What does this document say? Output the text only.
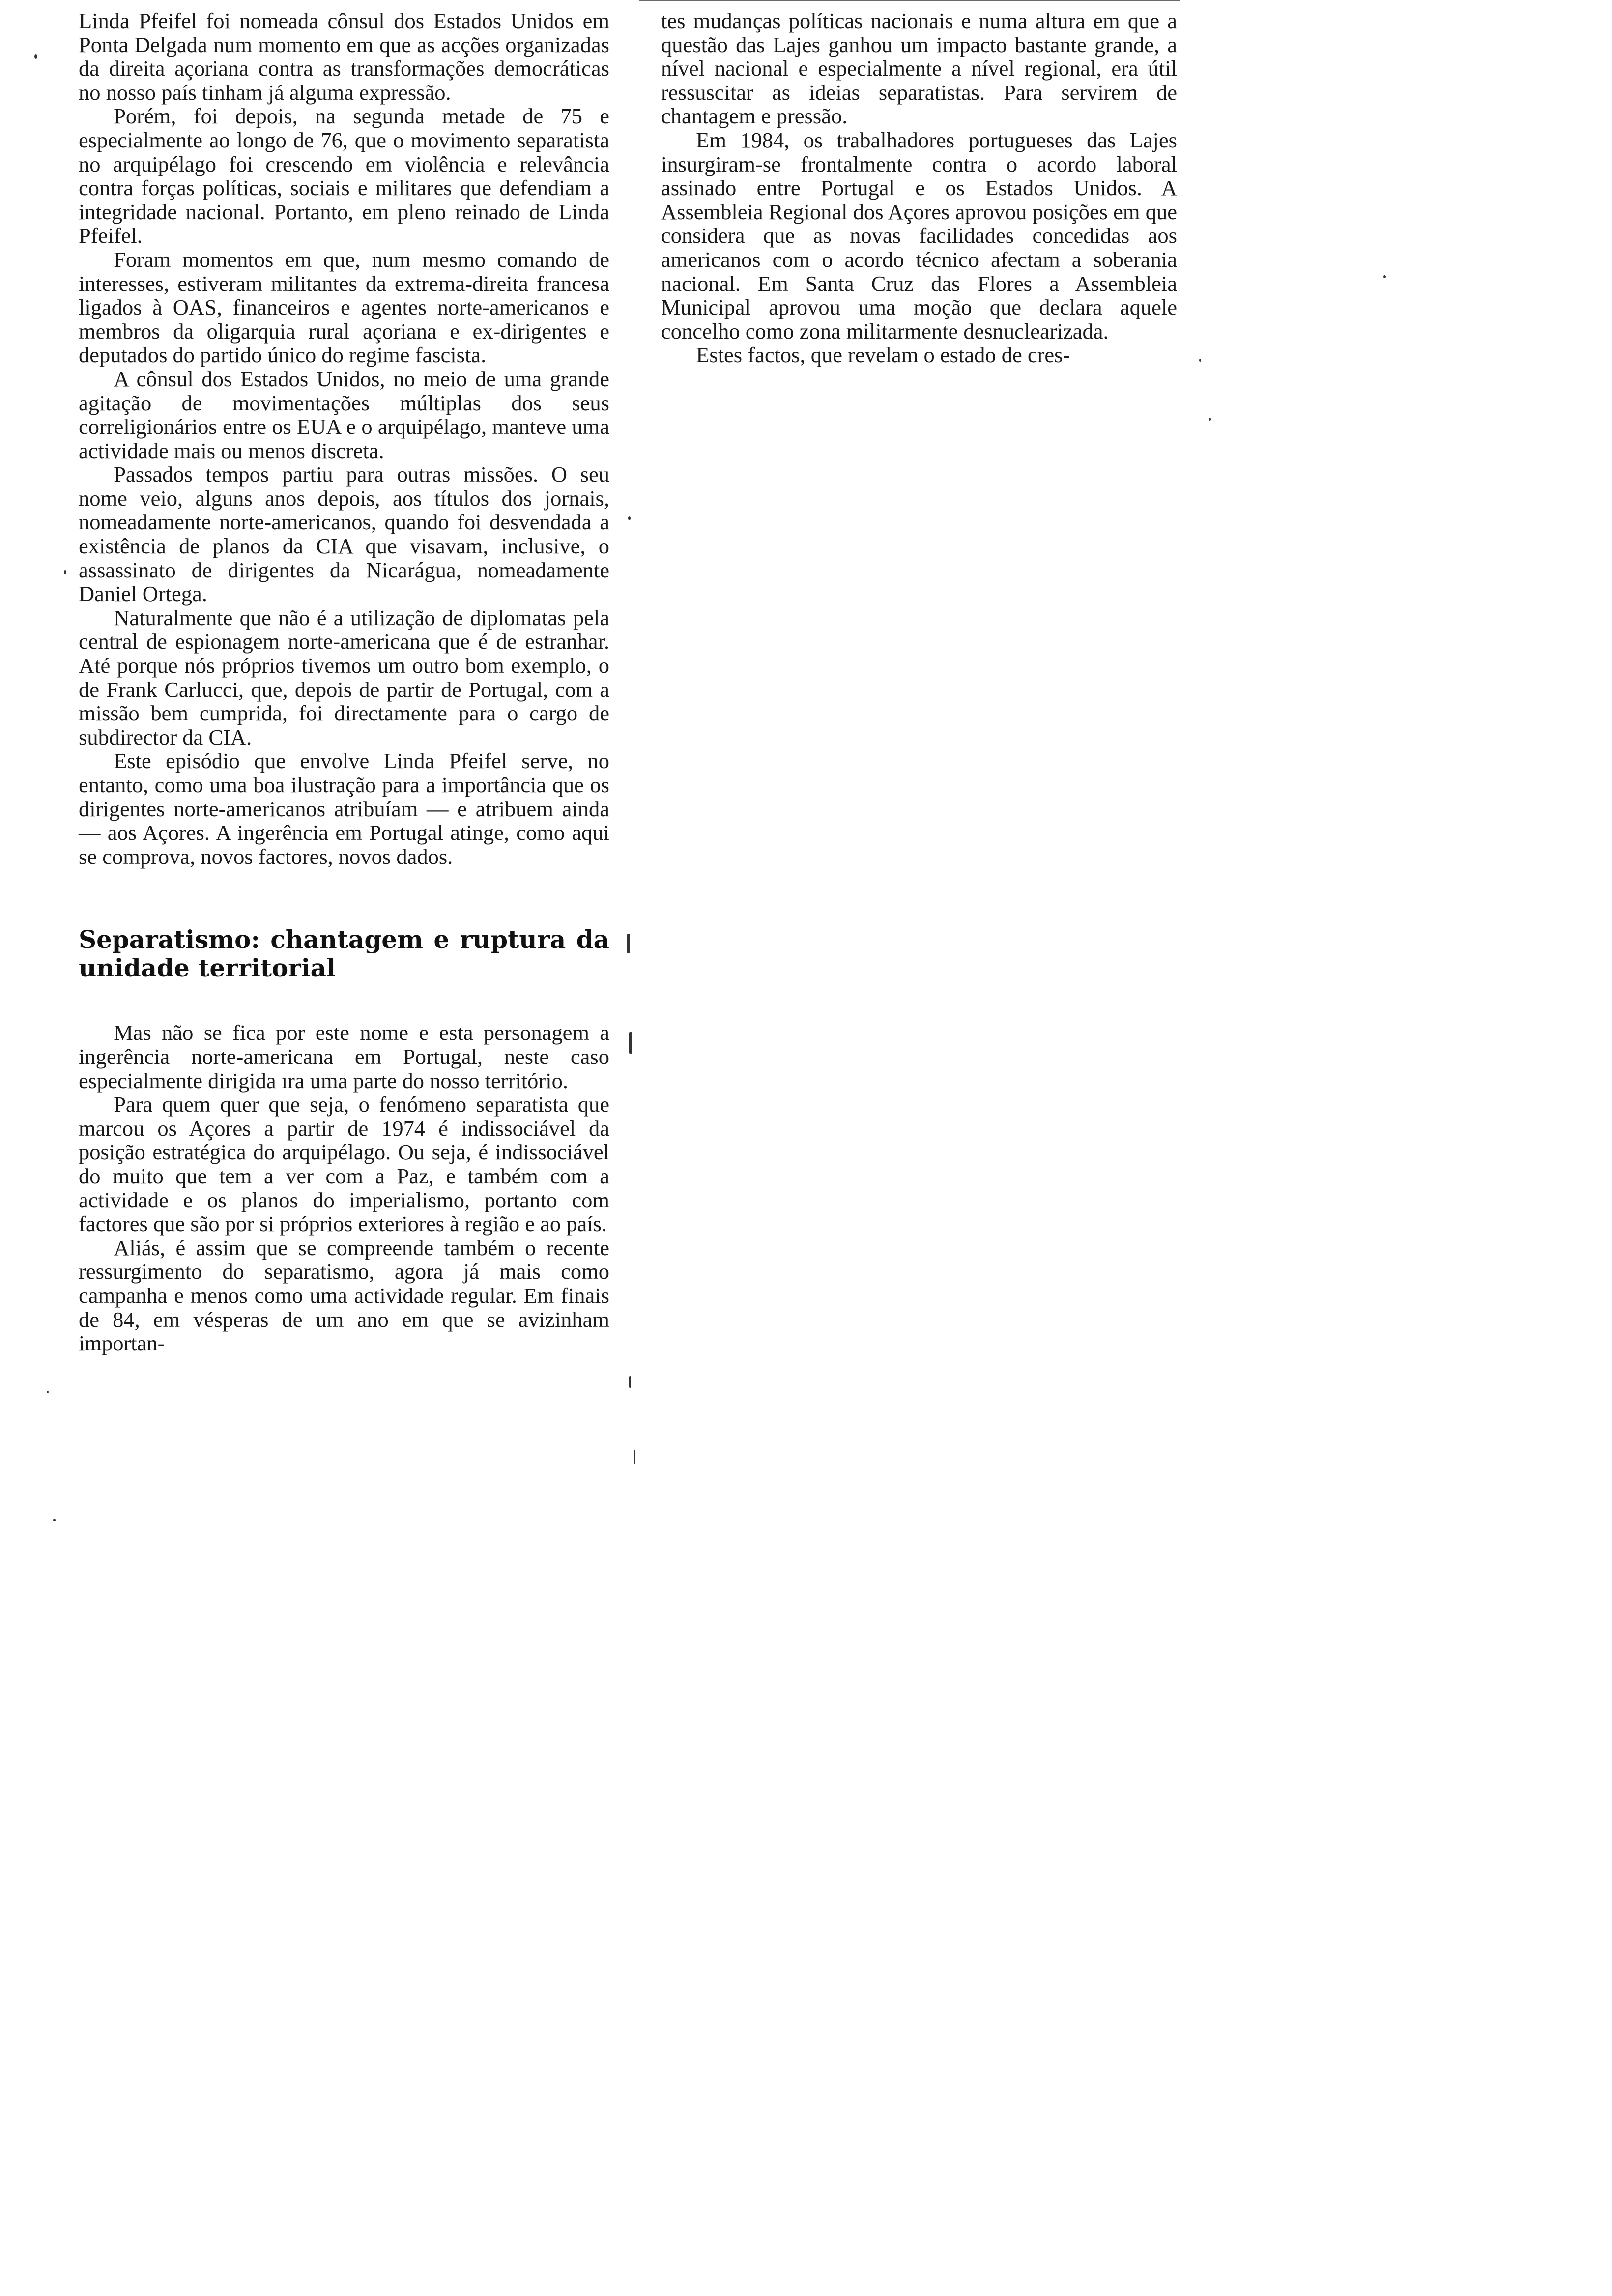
Linda Pfeifel foi nomeada cônsul dos Estados Unidos em Ponta Delgada num momento em que as acções organizadas da direita açoriana contra as transformações democráticas no nosso país tinham já alguma expressão.

Porém, foi depois, na segunda metade de 75 e especialmente ao longo de 76, que o movimento separatista no arquipélago foi crescendo em violência e relevância contra forças políticas, sociais e militares que defendiam a integridade nacional. Portanto, em pleno reinado de Linda Pfeifel.

Foram momentos em que, num mesmo comando de interesses, estiveram militantes da extrema-direita francesa ligados à OAS, financeiros e agentes norte-americanos e membros da oligarquia rural açoriana e ex-dirigentes e deputados do partido único do regime fascista.

A cônsul dos Estados Unidos, no meio de uma grande agitação de movimentações múltiplas dos seus correligionários entre os EUA e o arquipélago, manteve uma actividade mais ou menos discreta.

Passados tempos partiu para outras missões. O seu nome veio, alguns anos depois, aos títulos dos jornais, nomeadamente norte-americanos, quando foi desvendada a existência de planos da CIA que visavam, inclusive, o assassinato de dirigentes da Nicarágua, nomeadamente Daniel Ortega.

Naturalmente que não é a utilização de diplomatas pela central de espionagem norte-americana que é de estranhar. Até porque nós próprios tivemos um outro bom exemplo, o de Frank Carlucci, que, depois de partir de Portugal, com a missão bem cumprida, foi directamente para o cargo de subdirector da CIA.

Este episódio que envolve Linda Pfeifel serve, no entanto, como uma boa ilustração para a importância que os dirigentes norte-americanos atribuíam — e atribuem ainda — aos Açores. A ingerência em Portugal atinge, como aqui se comprova, novos factores, novos dados.

Separatismo: chantagem e ruptura da unidade territorial

Mas não se fica por este nome e esta personagem a ingerência norte-americana em Portugal, neste caso especialmente dirigida ıra uma parte do nosso território.

Para quem quer que seja, o fenómeno separatista que marcou os Açores a partir de 1974 é indissociável da posição estratégica do arquipélago. Ou seja, é indissociável do muito que tem a ver com a Paz, e também com a actividade e os planos do imperialismo, portanto com factores que são por si próprios exteriores à região e ao país.

Aliás, é assim que se compreende também o recente ressurgimento do separatismo, agora já mais como campanha e menos como uma actividade regular. Em finais de 84, em vésperas de um ano em que se avizinham importan-

tes mudanças políticas nacionais e numa altura em que a questão das Lajes ganhou um impacto bastante grande, a nível nacional e especialmente a nível regional, era útil ressuscitar as ideias separatistas. Para servirem de chantagem e pressão.

Em 1984, os trabalhadores portugueses das Lajes insurgiram-se frontalmente contra o acordo laboral assinado entre Portugal e os Estados Unidos. A Assembleia Regional dos Açores aprovou posições em que considera que as novas facilidades concedidas aos americanos com o acordo técnico afectam a soberania nacional. Em Santa Cruz das Flores a Assembleia Municipal aprovou uma moção que declara aquele concelho como zona militarmente desnuclearizada.

Estes factos, que revelam o estado de cres-
